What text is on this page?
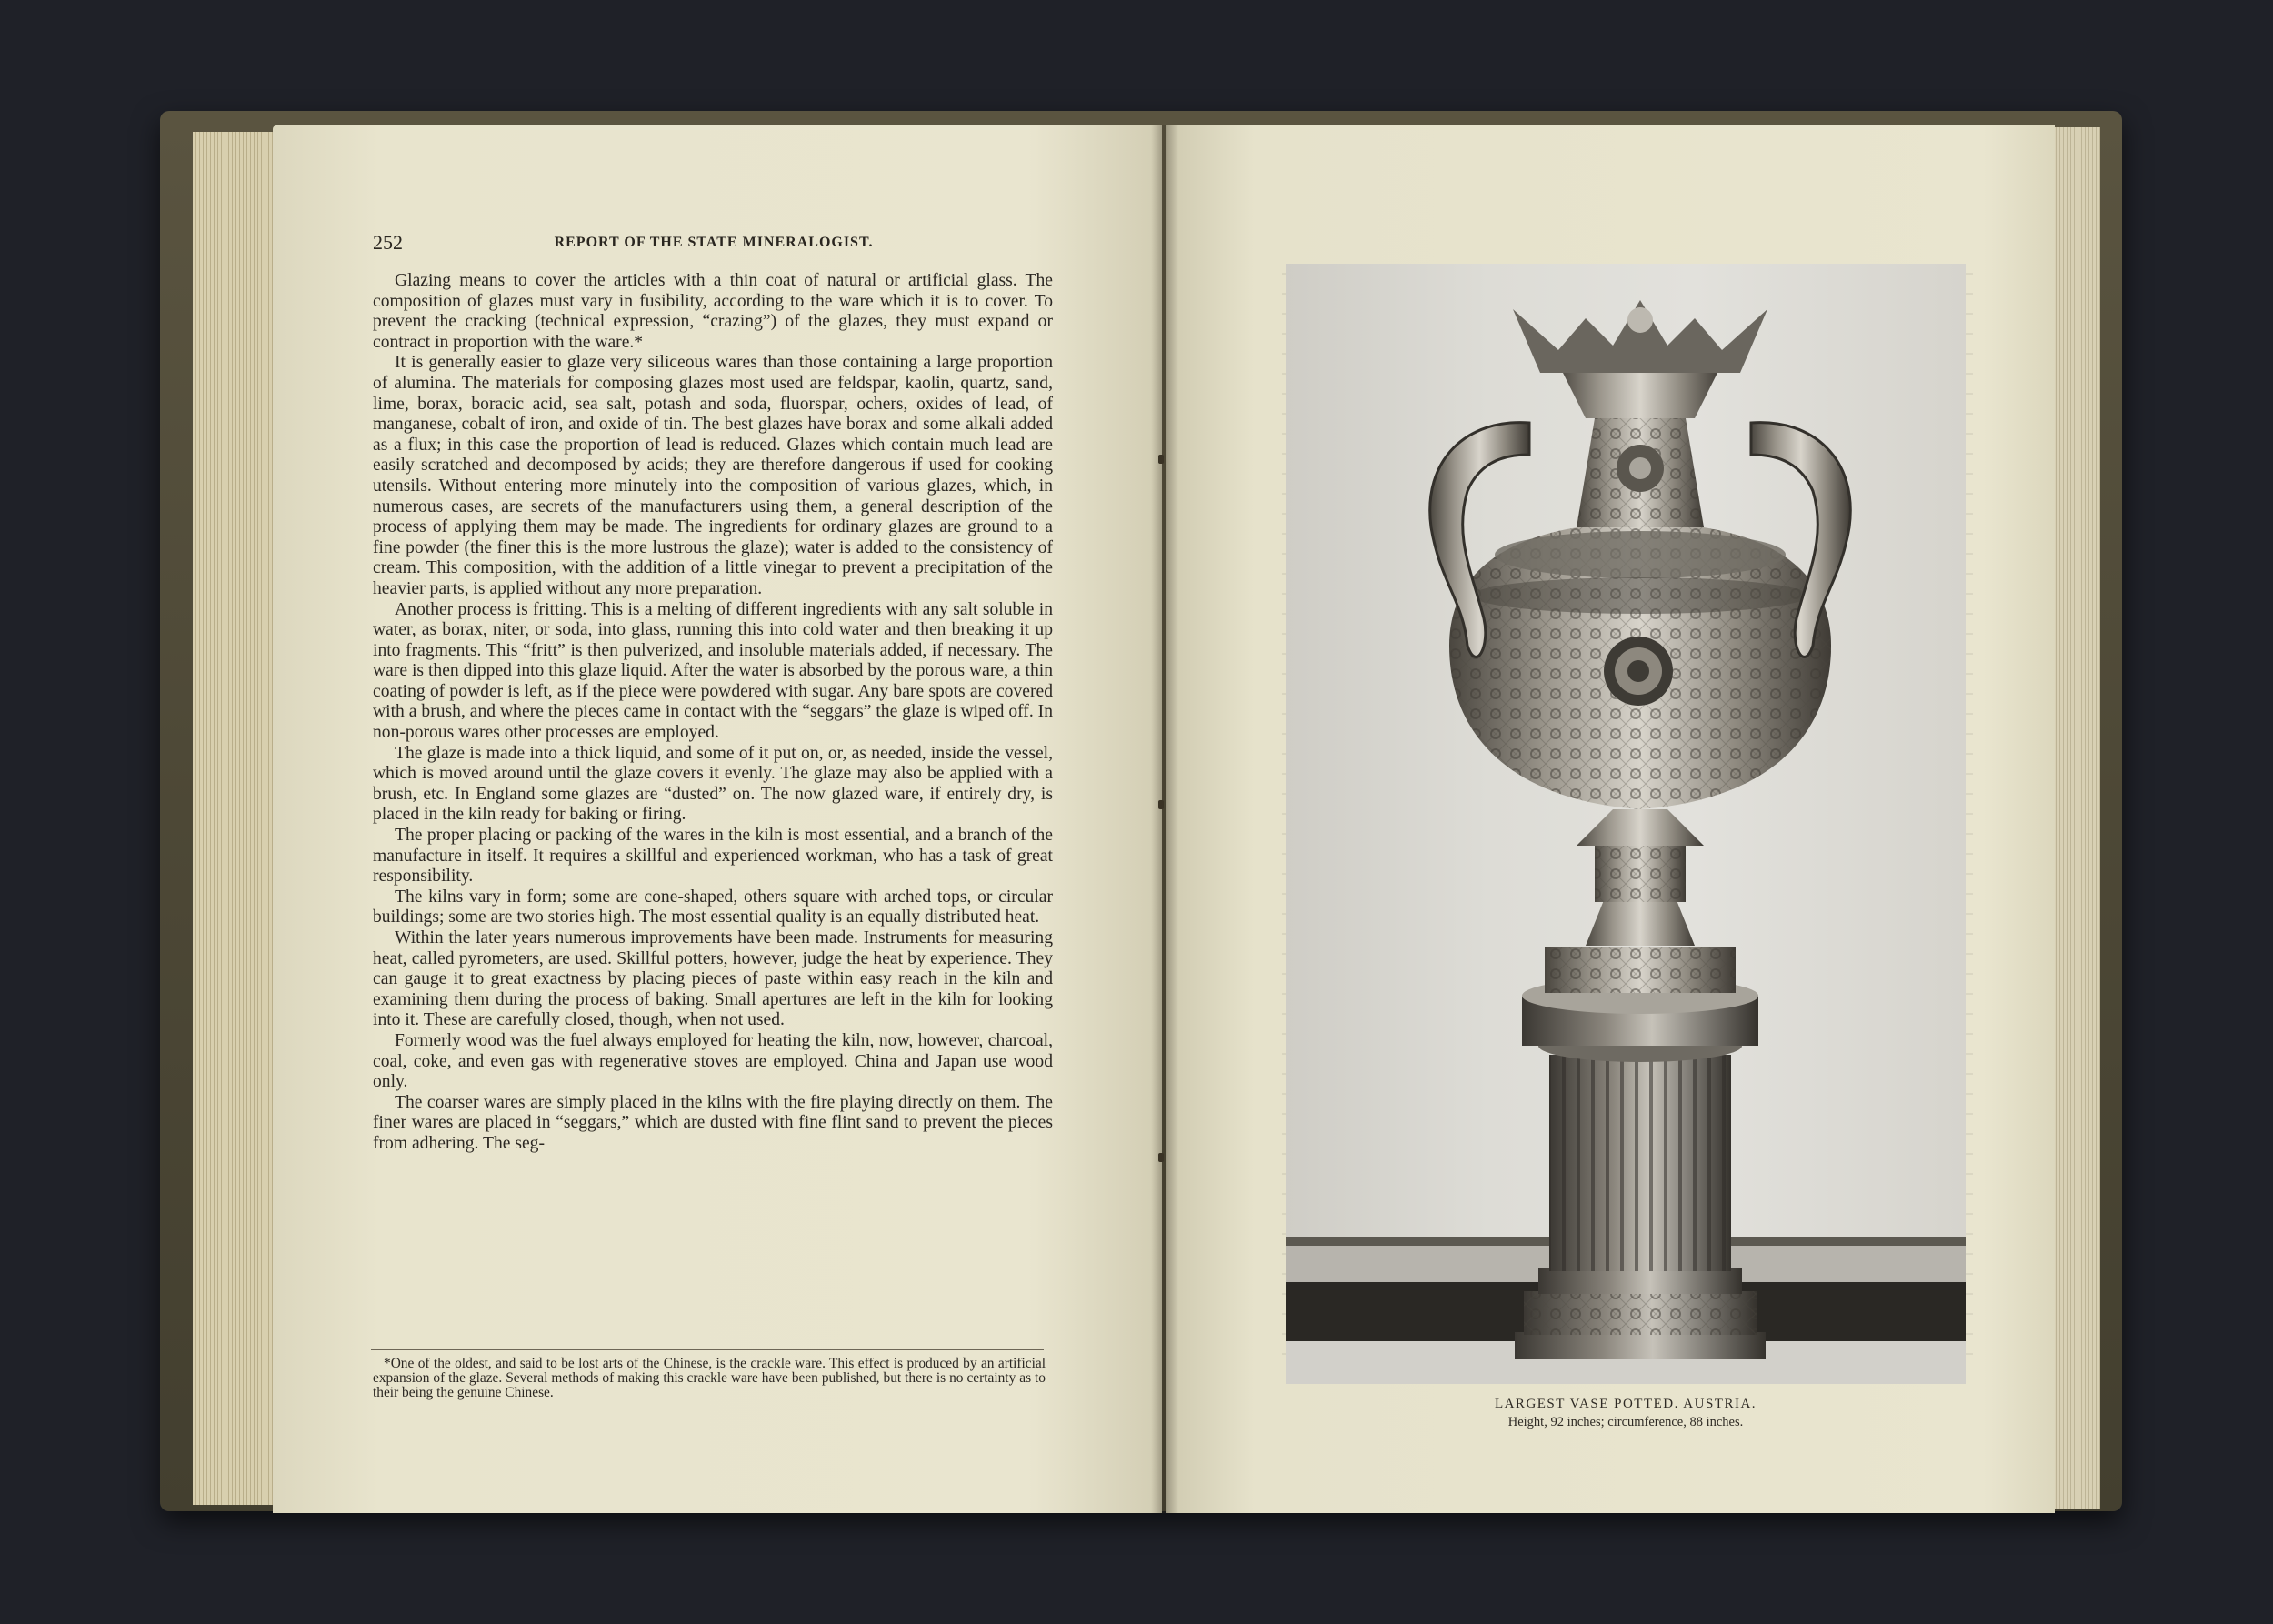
252	REPORT OF THE STATE MINERALOGIST.

Glazing means to cover the articles with a thin coat of natural or artificial glass. The composition of glazes must vary in fusibility, according to the ware which it is to cover. To prevent the cracking (technical expression, “crazing”) of the glazes, they must expand or contract in proportion with the ware.*

It is generally easier to glaze very siliceous wares than those containing a large proportion of alumina. The materials for composing glazes most used are feldspar, kaolin, quartz, sand, lime, borax, boracic acid, sea salt, potash and soda, fluorspar, ochers, oxides of lead, of manganese, cobalt of iron, and oxide of tin. The best glazes have borax and some alkali added as a flux; in this case the proportion of lead is reduced. Glazes which contain much lead are easily scratched and decomposed by acids; they are therefore dangerous if used for cooking utensils. Without entering more minutely into the composition of various glazes, which, in numerous cases, are secrets of the manufacturers using them, a general description of the process of applying them may be made. The ingredients for ordinary glazes are ground to a fine powder (the finer this is the more lustrous the glaze); water is added to the consistency of cream. This composition, with the addition of a little vinegar to prevent a precipitation of the heavier parts, is applied without any more preparation.

Another process is fritting. This is a melting of different ingredients with any salt soluble in water, as borax, niter, or soda, into glass, running this into cold water and then breaking it up into fragments. This “fritt” is then pulverized, and insoluble materials added, if necessary. The ware is then dipped into this glaze liquid. After the water is absorbed by the porous ware, a thin coating of powder is left, as if the piece were powdered with sugar. Any bare spots are covered with a brush, and where the pieces came in contact with the “seggars” the glaze is wiped off. In non-porous wares other processes are employed.

The glaze is made into a thick liquid, and some of it put on, or, as needed, inside the vessel, which is moved around until the glaze covers it evenly. The glaze may also be applied with a brush, etc. In England some glazes are “dusted” on. The now glazed ware, if entirely dry, is placed in the kiln ready for baking or firing.

The proper placing or packing of the wares in the kiln is most essential, and a branch of the manufacture in itself. It requires a skillful and experienced workman, who has a task of great responsibility.

The kilns vary in form; some are cone-shaped, others square with arched tops, or circular buildings; some are two stories high. The most essential quality is an equally distributed heat.

Within the later years numerous improvements have been made. Instruments for measuring heat, called pyrometers, are used. Skillful potters, however, judge the heat by experience. They can gauge it to great exactness by placing pieces of paste within easy reach in the kiln and examining them during the process of baking. Small apertures are left in the kiln for looking into it. These are carefully closed, though, when not used.

Formerly wood was the fuel always employed for heating the kiln, now, however, charcoal, coal, coke, and even gas with regenerative stoves are employed. China and Japan use wood only.

The coarser wares are simply placed in the kilns with the fire playing directly on them. The finer wares are placed in “seggars,” which are dusted with fine flint sand to prevent the pieces from adhering. The seg-

*One of the oldest, and said to be lost arts of the Chinese, is the crackle ware. This effect is produced by an artificial expansion of the glaze. Several methods of making this crackle ware have been published, but there is no certainty as to their being the genuine Chinese.
LARGEST VASE POTTED. AUSTRIA.
Height, 92 inches; circumference, 88 inches.
